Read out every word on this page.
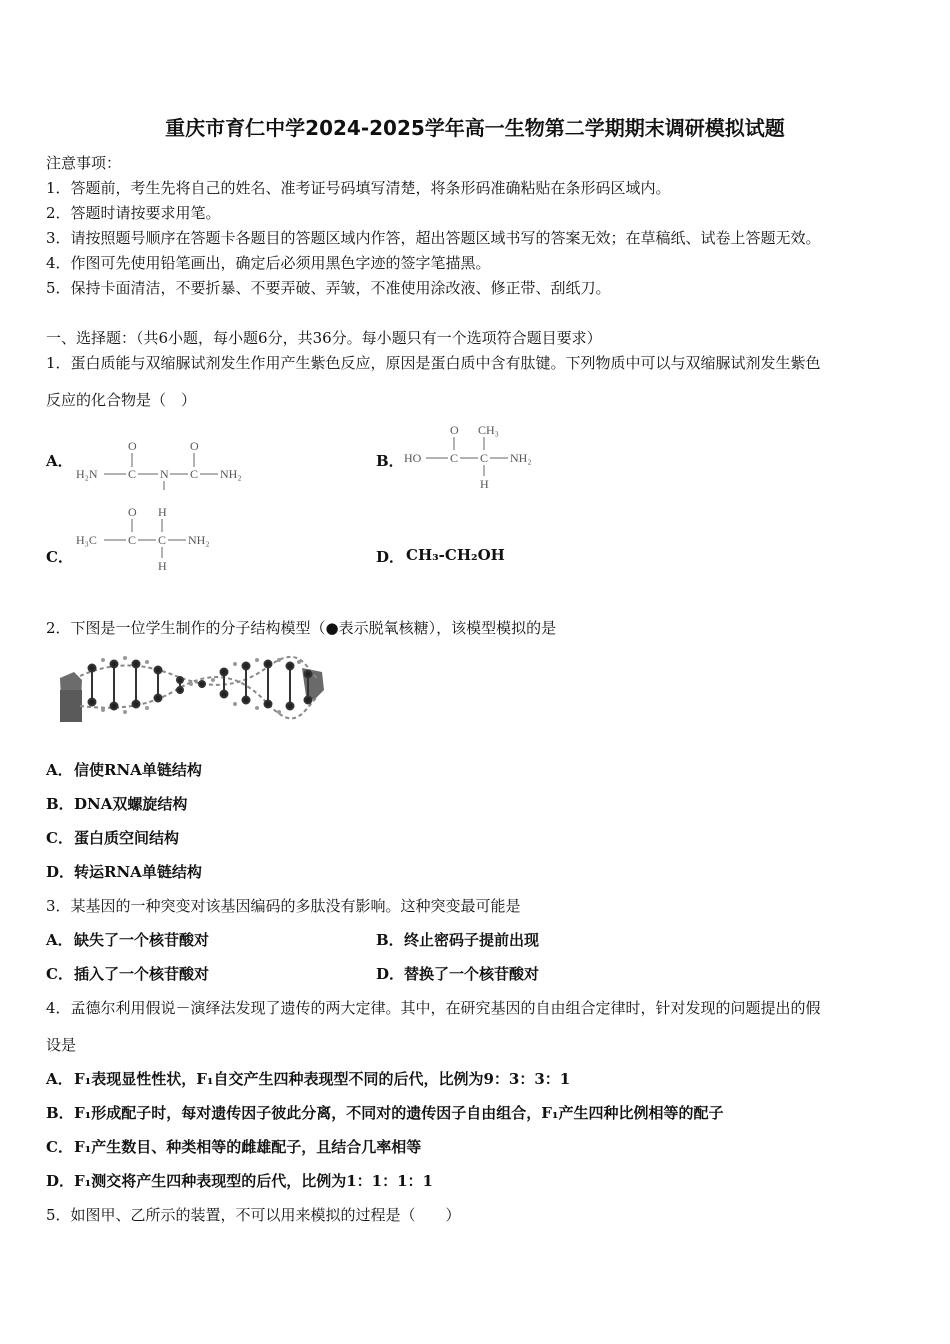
重庆市育仁中学2024-2025学年高一生物第二学期期末调研模拟试题
注意事项：
1．答题前，考生先将自己的姓名、准考证号码填写清楚，将条形码准确粘贴在条形码区域内。
2．答题时请按要求用笔。
3．请按照题号顺序在答题卡各题目的答题区域内作答，超出答题区域书写的答案无效；在草稿纸、试卷上答题无效。
4．作图可先使用铅笔画出，确定后必须用黑色字迹的签字笔描黑。
5．保持卡面清洁，不要折暴、不要弄破、弄皱，不准使用涂改液、修正带、刮纸刀。
一、选择题：（共6小题，每小题6分，共36分。每小题只有一个选项符合题目要求）
1．蛋白质能与双缩脲试剂发生作用产生紫色反应，原因是蛋白质中含有肽键。下列物质中可以与双缩脲试剂发生紫色
反应的化合物是（　）
A．
O	O
H₂N	C N C NH₂
B．
O CH₃
HO C C NH₂
H
C．
O H
H₃C	C C NH₂
H	D． CH₃-CH₂OH
2．下图是一位学生制作的分子结构模型（●表示脱氧核糖），该模型模拟的是
A． 信使RNA单链结构
B． DNA双螺旋结构
C． 蛋白质空间结构
D． 转运RNA单链结构
3．某基因的一种突变对该基因编码的多肽没有影响。这种突变最可能是
A． 缺失了一个核苷酸对	B． 终止密码子提前出现
C． 插入了一个核苷酸对	D． 替换了一个核苷酸对
4．孟德尔利用假说－演绎法发现了遗传的两大定律。其中，在研究基因的自由组合定律时，针对发现的问题提出的假
设是
A． F₁表现显性性状，F₁自交产生四种表现型不同的后代，比例为9：3：3：1
B． F₁形成配子时，每对遗传因子彼此分离，不同对的遗传因子自由组合，F₁产生四种比例相等的配子
C． F₁产生数目、种类相等的雌雄配子，且结合几率相等
D． F₁测交将产生四种表现型的后代，比例为1：1：1：1
5．如图甲、乙所示的装置，不可以用来模拟的过程是（　　）
